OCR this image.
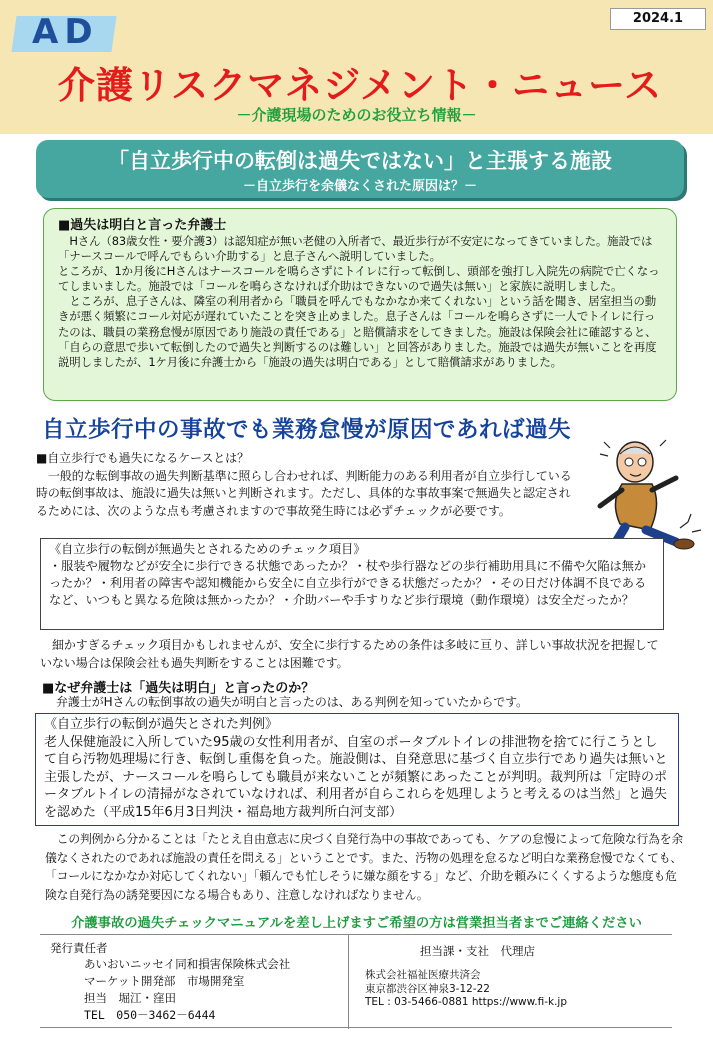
AD	2024.1
介護リスクマネジメント・ニュース
－介護現場のためのお役立ち情報－
「自立歩行中の転倒は過失ではない」と主張する施設
－自立歩行を余儀なくされた原因は？－
■過失は明白と言った弁護士

Hさん（83歳女性・要介護3）は認知症が無い老健の入所者で、最近歩行が不安定になってきていました。施設では「ナースコールで呼んでもらい介助する」と息子さんへ説明していました。

ところが、1か月後にHさんはナースコールを鳴らさずにトイレに行って転倒し、頭部を強打し入院先の病院で亡くなってしまいました。施設では「コールを鳴らさなければ介助はできないので過失は無い」と家族に説明しました。

ところが、息子さんは、隣室の利用者から「職員を呼んでもなかなか来てくれない」という話を聞き、居室担当の動きが悪く頻繁にコール対応が遅れていたことを突き止めました。息子さんは「コールを鳴らさずに一人でトイレに行ったのは、職員の業務怠慢が原因であり施設の責任である」と賠償請求をしてきました。施設は保険会社に確認すると、「自らの意思で歩いて転倒したので過失と判断するのは難しい」と回答がありました。施設では過失が無いことを再度説明しましたが、1ケ月後に弁護士から「施設の過失は明白である」として賠償請求がありました。

自立歩行中の事故でも業務怠慢が原因であれば過失

■自立歩行でも過失になるケースとは？

一般的な転倒事故の過失判断基準に照らし合わせれば、判断能力のある利用者が自立歩行している時の転倒事故は、施設に過失は無いと判断されます。ただし、具体的な事故事案で無過失と認定されるためには、次のような点も考慮されますので事故発生時には必ずチェックが必要です。

《自立歩行の転倒が無過失とされるためのチェック項目》

・服装や履物などが安全に歩行できる状態であったか？・杖や歩行器などの歩行補助用具に不備や欠陥は無かったか？・利用者の障害や認知機能から安全に自立歩行ができる状態だったか？・その日だけ体調不良であるなど、いつもと異なる危険は無かったか？・介助バーや手すりなど歩行環境（動作環境）は安全だったか？

細かすぎるチェック項目かもしれませんが、安全に歩行するための条件は多岐に亘り、詳しい事故状況を把握していない場合は保険会社も過失判断をすることは困難です。

■なぜ弁護士は「過失は明白」と言ったのか？

弁護士がHさんの転倒事故の過失が明白と言ったのは、ある判例を知っていたからです。

《自立歩行の転倒が過失とされた判例》

老人保健施設に入所していた95歳の女性利用者が、自室のポータブルトイレの排泄物を捨てに行こうとして自ら汚物処理場に行き、転倒し重傷を負った。施設側は、自発意思に基づく自立歩行であり過失は無いと主張したが、ナースコールを鳴らしても職員が来ないことが頻繁にあったことが判明。裁判所は「定時のポータブルトイレの清掃がなされていなければ、利用者が自らこれらを処理しようと考えるのは当然」と過失を認めた（平成15年6月3日判決・福島地方裁判所白河支部）

この判例から分かることは「たとえ自由意志に戻づく自発行為中の事故であっても、ケアの怠慢によって危険な行為を余儀なくされたのであれば施設の責任を問える」ということです。また、汚物の処理を怠るなど明白な業務怠慢でなくても、「コールになかなか対応してくれない」「頼んでも忙しそうに嫌な顔をする」など、介助を頼みにくくするような態度も危険な自発行為の誘発要因になる場合もあり、注意しなければなりません。

介護事故の過失チェックマニュアルを差し上げますご希望の方は営業担当者までご連絡ください
発行責任者
あいおいニッセイ同和損害保険株式会社
マーケット開発部　市場開発室
担当　堀江・窪田
TEL　050－3462－6444
担当課・支社　代理店
株式会社福祉医療共済会
東京都渋谷区神泉3-12-22
TEL : 03-5466-0881 https://www.fi-k.jp
